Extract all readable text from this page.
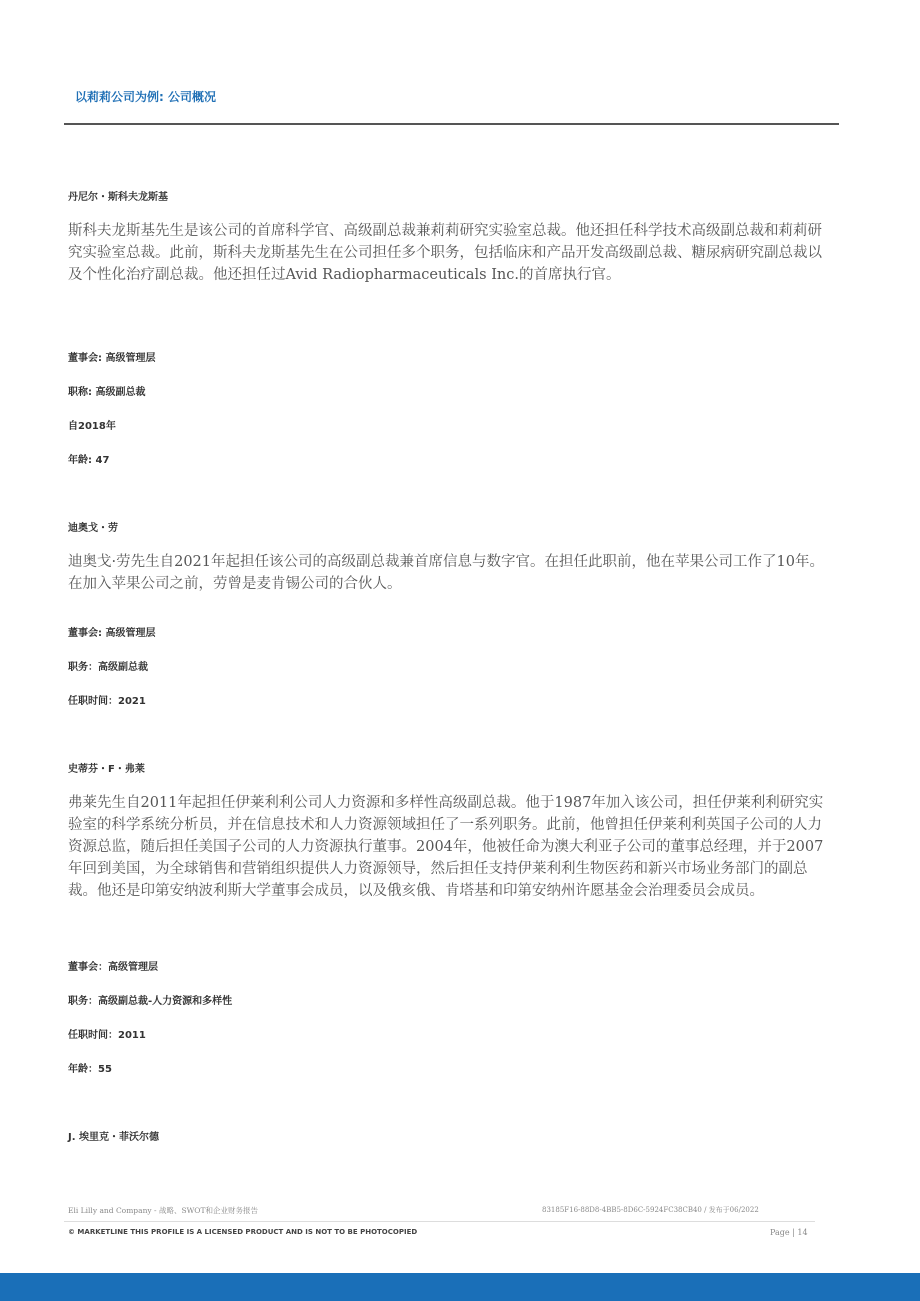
以莉莉公司为例: 公司概况
丹尼尔・斯科夫龙斯基
斯科夫龙斯基先生是该公司的首席科学官、高级副总裁兼莉莉研究实验室总裁。他还担任科学技术高级副总裁和莉莉研究实验室总裁。此前，斯科夫龙斯基先生在公司担任多个职务，包括临床和产品开发高级副总裁、糖尿病研究副总裁以及个性化治疗副总裁。他还担任过Avid Radiopharmaceuticals Inc.的首席执行官。
董事会: 高级管理层
职称: 高级副总裁
自2018年
年龄: 47
迪奥戈・劳
迪奥戈·劳先生自2021年起担任该公司的高级副总裁兼首席信息与数字官。在担任此职前，他在苹果公司工作了10年。在加入苹果公司之前，劳曾是麦肯锡公司的合伙人。
董事会: 高级管理层
职务：高级副总裁
任职时间：2021
史蒂芬・F・弗莱
弗莱先生自2011年起担任伊莱利利公司人力资源和多样性高级副总裁。他于1987年加入该公司，担任伊莱利利研究实验室的科学系统分析员，并在信息技术和人力资源领域担任了一系列职务。此前，他曾担任伊莱利利英国子公司的人力资源总监，随后担任美国子公司的人力资源执行董事。2004年，他被任命为澳大利亚子公司的董事总经理，并于2007年回到美国，为全球销售和营销组织提供人力资源领导，然后担任支持伊莱利利生物医药和新兴市场业务部门的副总裁。他还是印第安纳波利斯大学董事会成员，以及俄亥俄、肯塔基和印第安纳州许愿基金会治理委员会成员。
董事会：高级管理层
职务：高级副总裁-人力资源和多样性
任职时间：2011
年龄：55
J. 埃里克・菲沃尔德
Eli Lilly and Company - 战略、SWOT和企业财务报告	83185F16-88D8-4BB5-8D6C-5924FC38CB40 / 发布于06/2022
© MARKETLINE THIS PROFILE IS A LICENSED PRODUCT AND IS NOT TO BE PHOTOCOPIED	Page | 14
